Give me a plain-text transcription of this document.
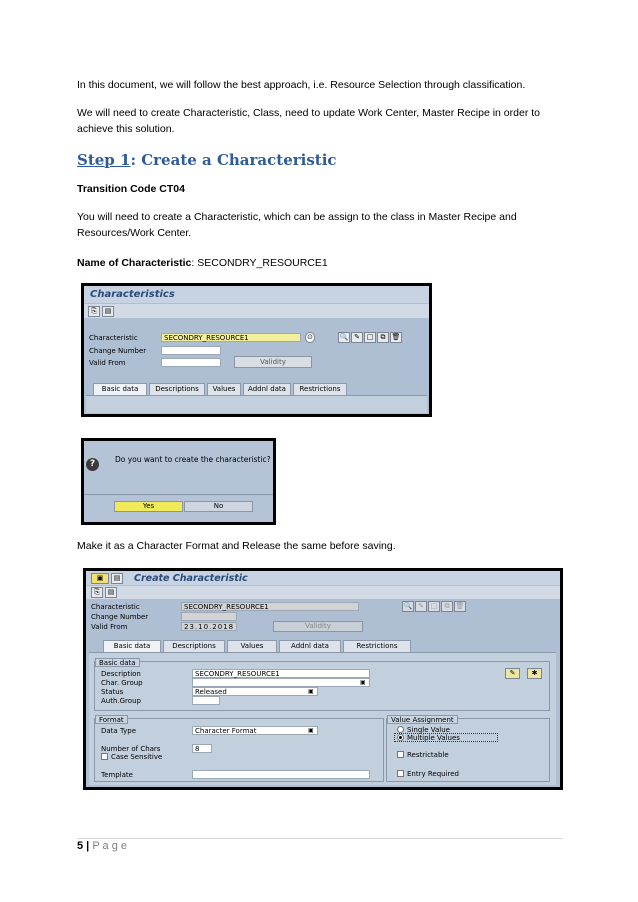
In this document, we will follow the best approach, i.e. Resource Selection through classification.

We will need to create Characteristic, Class, need to update Work Center, Master Recipe in order to achieve this solution.

Step 1: Create a Characteristic

Transition Code CT04

You will need to create a Characteristic, which can be assign to the class in Master Recipe and Resources/Work Center.

Name of Characteristic: SECONDRY_RESOURCE1

Characteristics
⎘	▤
Characteristic	SECONDRY_RESOURCE1	⊙	🔍 ✎ □	⧉ 🗑
Change Number
Valid From	Validity
Basic data	Descriptions	Values	Addnl data	Restrictions
?	Do you want to create the characteristic?
Yes	No

Make it as a Character Format and Release the same before saving.

▣	▤ Create Characteristic
⎘	▤
Characteristic	SECONDRY_RESOURCE1	🔍 ✎ □	⧉ 🗑
Change Number
Valid From	23.10.2018	Validity
Basic data	Descriptions	Values	Addnl data	Restrictions
Basic data
Description	SECONDRY_RESOURCE1
Char. Group	▣
Status	Released	▣
Auth.Group
✎	✱
Format
Data Type	Character Format	▣
Number of Chars	8
Case Sensitive
Template
Value Assignment
Single Value
Multiple Values
Restrictable
Entry Required
5 | P a g e
